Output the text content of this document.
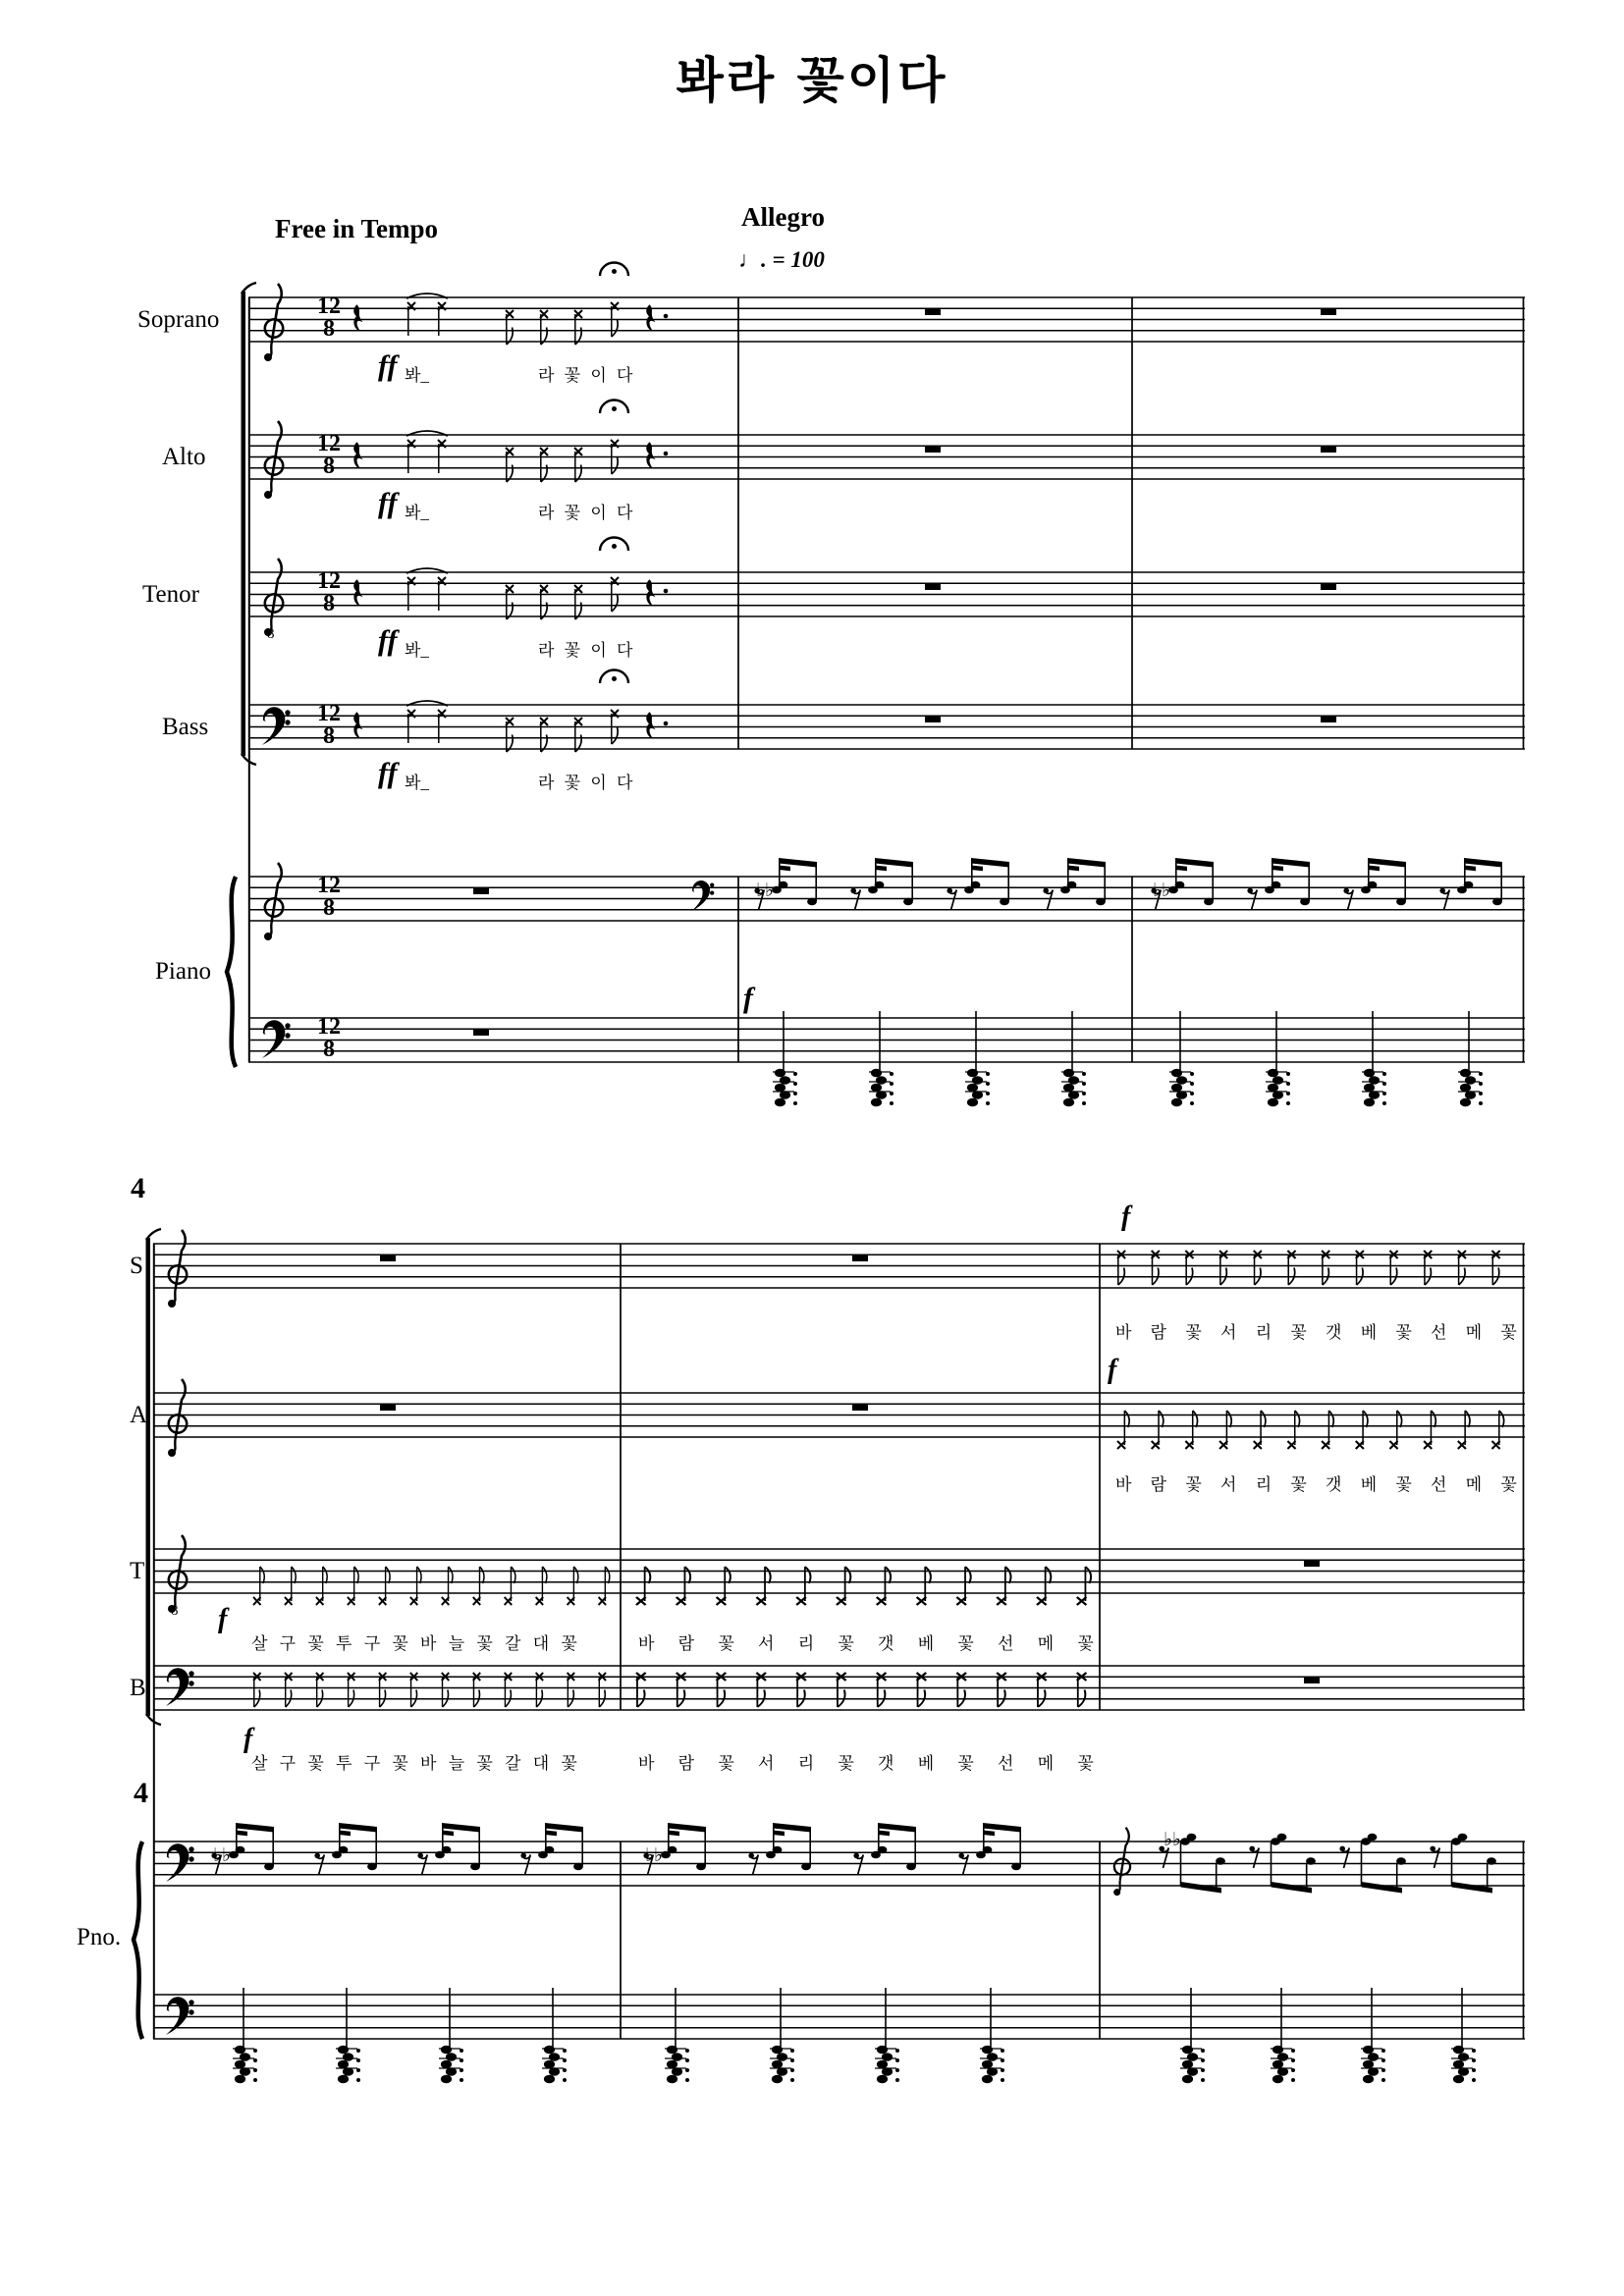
♭♭	♭♭
♭♭	♭♭
♭♭
봐라 꽃이다
Free in Tempo	Allegro
♩. = 100
Soprano
Alto
Tenor
Bass
Piano
12
8
12
8
12
8
12
8
12
8
12
8
8
8
ff
ff
ff
ff
f
봐_	라 꽃 이 다
봐_	라 꽃 이 다
봐_	라 꽃 이 다
봐_	라 꽃 이 다
4
4
S
A
T
B
Pno.
f
f
f
f
바 람 꽃 서 리 꽃 갯 베 꽃 선 메 꽃
바 람 꽃 서 리 꽃 갯 베 꽃 선 메 꽃
살 구 꽃 투 구 꽃 바 늘 꽃 갈 대 꽃	바 람 꽃 서 리 꽃 갯 베 꽃 선 메 꽃
살 구 꽃 투 구 꽃 바 늘 꽃 갈 대 꽃	바 람 꽃 서 리 꽃 갯 베 꽃 선 메 꽃
